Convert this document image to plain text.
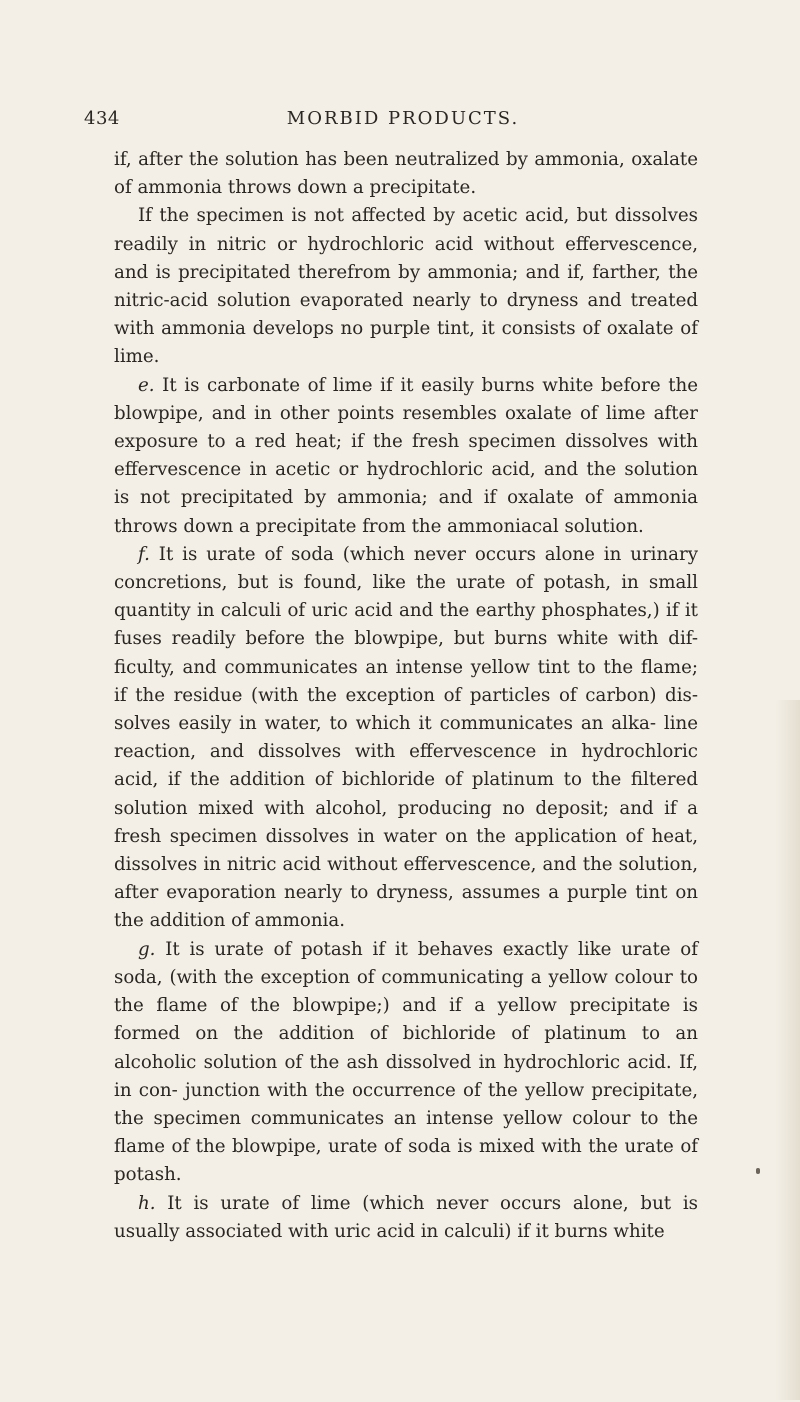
434	MORBID PRODUCTS.

if, after the solution has been neutralized by ammonia, oxalate of ammonia throws down a precipitate.

If the specimen is not affected by acetic acid, but dissolves readily in nitric or hydrochloric acid without effervescence, and is precipitated therefrom by ammonia; and if, farther, the nitric-acid solution evaporated nearly to dryness and treated with ammonia develops no purple tint, it consists of oxalate of lime.

e. It is carbonate of lime if it easily burns white before the blowpipe, and in other points resembles oxalate of lime after exposure to a red heat; if the fresh specimen dissolves with effervescence in acetic or hydrochloric acid, and the solution is not precipitated by ammonia; and if oxalate of ammonia throws down a precipitate from the ammoniacal solution.

f. It is urate of soda (which never occurs alone in urinary concretions, but is found, like the urate of potash, in small quantity in calculi of uric acid and the earthy phosphates,) if it fuses readily before the blowpipe, but burns white with dif- ficulty, and communicates an intense yellow tint to the flame; if the residue (with the exception of particles of carbon) dis- solves easily in water, to which it communicates an alka- line reaction, and dissolves with effervescence in hydrochloric acid, if the addition of bichloride of platinum to the filtered solution mixed with alcohol, producing no deposit; and if a fresh specimen dissolves in water on the application of heat, dissolves in nitric acid without effervescence, and the solution, after evaporation nearly to dryness, assumes a purple tint on the addition of ammonia.

g. It is urate of potash if it behaves exactly like urate of soda, (with the exception of communicating a yellow colour to the flame of the blowpipe;) and if a yellow precipitate is formed on the addition of bichloride of platinum to an alcoholic solution of the ash dissolved in hydrochloric acid. If, in con- junction with the occurrence of the yellow precipitate, the specimen communicates an intense yellow colour to the flame of the blowpipe, urate of soda is mixed with the urate of potash.

h. It is urate of lime (which never occurs alone, but is usually associated with uric acid in calculi) if it burns white
